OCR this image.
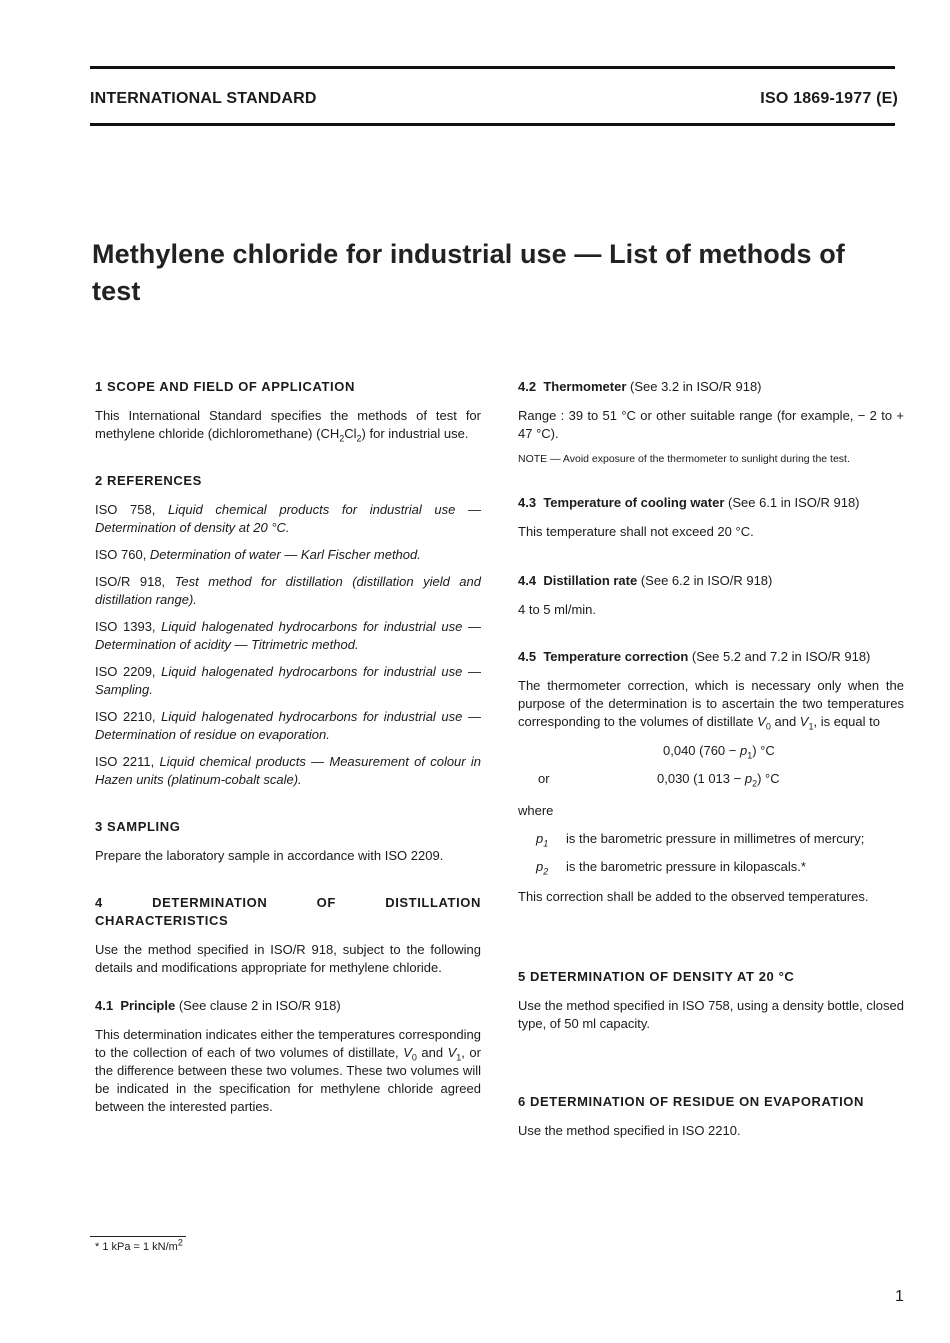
INTERNATIONAL STANDARD	ISO 1869-1977 (E)
Methylene chloride for industrial use — List of methods of test

1 SCOPE AND FIELD OF APPLICATION

This International Standard specifies the methods of test for methylene chloride (dichloromethane) $(CH_2Cl_2)$ for industrial use.

2 REFERENCES

ISO 758, Liquid chemical products for industrial use — Determination of density at 20 °C.

ISO 760, Determination of water — Karl Fischer method.

ISO/R 918, Test method for distillation (distillation yield and distillation range).

ISO 1393, Liquid halogenated hydrocarbons for industrial use — Determination of acidity — Titrimetric method.

ISO 2209, Liquid halogenated hydrocarbons for industrial use — Sampling.

ISO 2210, Liquid halogenated hydrocarbons for industrial use — Determination of residue on evaporation.

ISO 2211, Liquid chemical products — Measurement of colour in Hazen units (platinum-cobalt scale).

3 SAMPLING

Prepare the laboratory sample in accordance with ISO 2209.

4 DETERMINATION OF DISTILLATION CHARACTERISTICS

Use the method specified in ISO/R 918, subject to the following details and modifications appropriate for methylene chloride.

4.1 Principle (See clause 2 in ISO/R 918)

This determination indicates either the temperatures corresponding to the collection of each of two volumes of distillate, $V_0$ and $V_1$, or the difference between these two volumes. These two volumes will be indicated in the specification for methylene chloride agreed between the interested parties.

4.2 Thermometer (See 3.2 in ISO/R 918)

Range : 39 to 51 °C or other suitable range (for example, − 2 to + 47 °C).

NOTE — Avoid exposure of the thermometer to sunlight during the test.

4.3 Temperature of cooling water (See 6.1 in ISO/R 918)

This temperature shall not exceed 20 °C.

4.4 Distillation rate (See 6.2 in ISO/R 918)

4 to 5 ml/min.

4.5 Temperature correction (See 5.2 and 7.2 in ISO/R 918)

The thermometer correction, which is necessary only when the purpose of the determination is to ascertain the two temperatures corresponding to the volumes of distillate $V_0$ and $V_1$, is equal to

0,040 $(760 - p_1)$ °C
or	0,030 (1 $013 - p_2$) °C

where

$p_1$	is the barometric pressure in millimetres of mercury;
$p_2$	is the barometric pressure in kilopascals.*

This correction shall be added to the observed temperatures.

5 DETERMINATION OF DENSITY AT 20 °C

Use the method specified in ISO 758, using a density bottle, closed type, of 50 ml capacity.

6 DETERMINATION OF RESIDUE ON EVAPORATION

Use the method specified in ISO 2210.

* 1 kPa = 1 $kN/m^2$
1
